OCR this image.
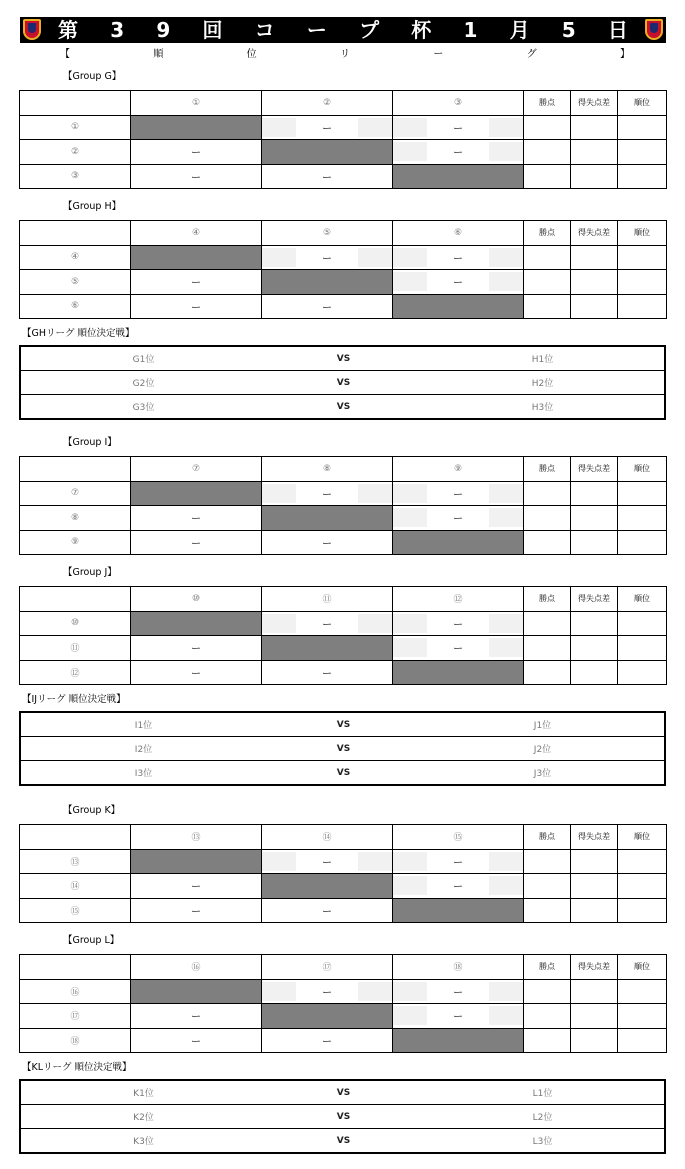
第 3 9 回 コ ー プ 杯 1 月 5 日
【	順	位	リ	ー	グ	】
【Group G】
	①	②	③	勝点	得失点差	順位
①		ー	ー			

②	ー		ー			

③	ー	ー				
【Group H】
	④	⑤	⑥	勝点	得失点差	順位
④		ー	ー			

⑤	ー		ー			

⑥	ー	ー				
【Group I】
	⑦	⑧	⑨	勝点	得失点差	順位
⑦		ー	ー			

⑧	ー		ー			

⑨	ー	ー				
【Group J】
	⑩	⑪	⑫	勝点	得失点差	順位
⑩		ー	ー			

⑪	ー		ー			

⑫	ー	ー				
【Group K】
	⑬	⑭	⑮	勝点	得失点差	順位
⑬		ー	ー			

⑭	ー		ー			

⑮	ー	ー				
【Group L】
	⑯	⑰	⑱	勝点	得失点差	順位
⑯		ー	ー			

⑰	ー		ー			

⑱	ー	ー				
【GHリーグ 順位決定戦】
G1位	VS	H1位
G2位	VS	H2位
G3位	VS	H3位
【IJリーグ 順位決定戦】
I1位	VS	J1位
I2位	VS	J2位
I3位	VS	J3位
【KLリーグ 順位決定戦】
K1位	VS	L1位
K2位	VS	L2位
K3位	VS	L3位
